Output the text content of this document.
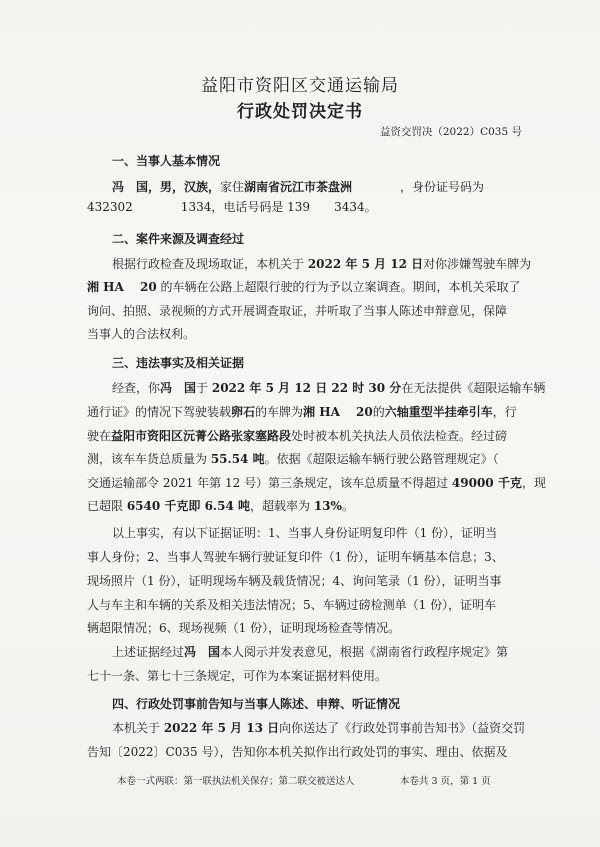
益阳市资阳区交通运输局
行政处罚决定书
益资交罚决（2022）C035 号
一、当事人基本情况
冯　国，男，汉族，家住湖南省沅江市茶盘洲　　　　，身份证号码为
432302　　　　1334，电话号码是 139　　3434。
二、案件来源及调查经过
根据行政检查及现场取证，本机关于 2022 年 5 月 12 日对你涉嫌驾驶车牌为
湘 HA　 20 的车辆在公路上超限行驶的行为予以立案调查。期间，本机关采取了
询问、拍照、录视频的方式开展调查取证，并听取了当事人陈述申辩意见，保障
当事人的合法权利。
三、违法事实及相关证据
经查，你冯　国于 2022 年 5 月 12 日 22 时 30 分在无法提供《超限运输车辆
通行证》的情况下驾驶装载卵石的车牌为湘 HA　 20的六轴重型半挂牵引车，行
驶在益阳市资阳区沅菁公路张家塞路段处时被本机关执法人员依法检查。经过磅
测，该车车货总质量为 55.54 吨。依据《超限运输车辆行驶公路管理规定》（
交通运输部令 2021 年第 12 号）第三条规定，该车总质量不得超过 49000 千克，现
已超限 6540 千克即 6.54 吨，超载率为 13%。
以上事实，有以下证据证明：1、当事人身份证明复印件（1 份），证明当
事人身份；2、当事人驾驶车辆行驶证复印件（1 份），证明车辆基本信息；3、
现场照片（1 份），证明现场车辆及载货情况；4、询问笔录（1 份），证明当事
人与车主和车辆的关系及相关违法情况；5、车辆过磅检测单（1 份），证明车
辆超限情况；6、现场视频（1 份），证明现场检查等情况。
上述证据经过冯　国本人阅示并发表意见，根据《湖南省行政程序规定》第
七十一条、第七十三条规定，可作为本案证据材料使用。
四、行政处罚事前告知与当事人陈述、申辩、听证情况
本机关于 2022 年 5 月 13 日向你送达了《行政处罚事前告知书》（益资交罚
告知〔2022〕C035 号），告知你本机关拟作出行政处罚的事实、理由、依据及
本卷一式两联：第一联执法机关保存；第二联交被送达人	本卷共 3 页，第 1 页
